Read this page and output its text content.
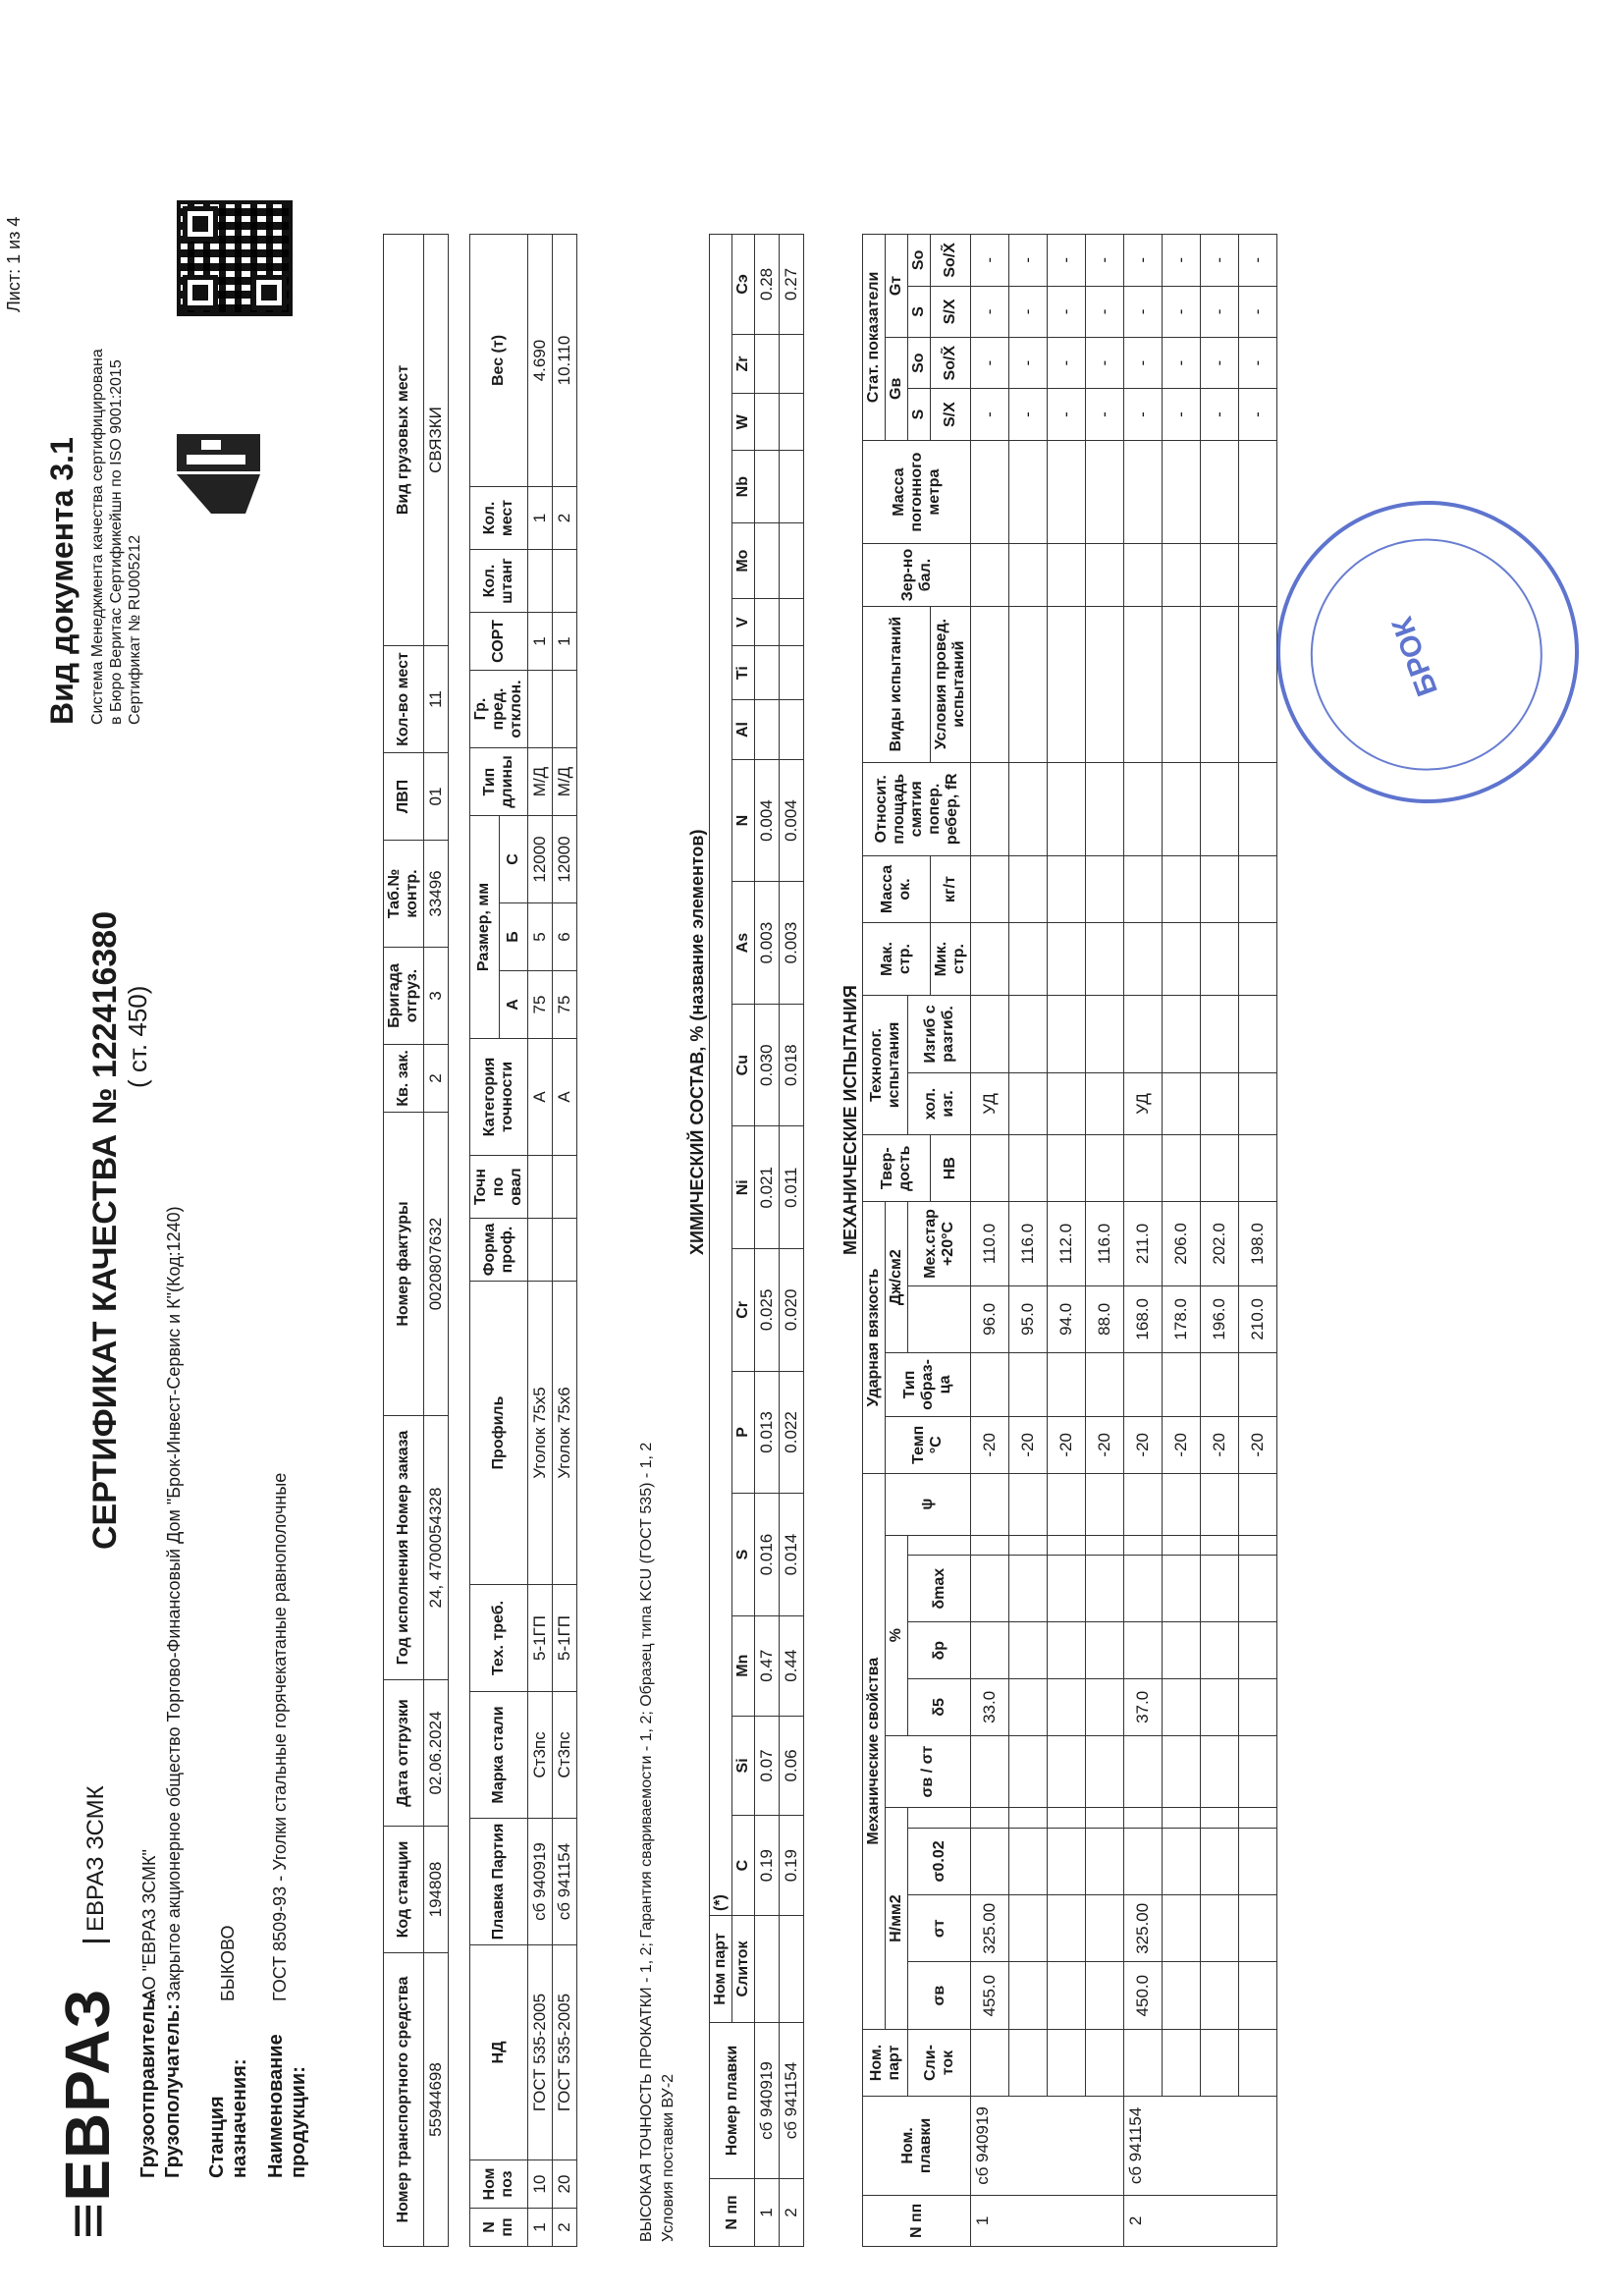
≡ЕВРАЗ
ЕВРАЗ ЗСМК
СЕРТИФИКАТ КАЧЕСТВА № 122416380 ( ст. 450)
Вид документа 3.1 Система Менеджмента качества сертифицирована в Бюро Веритас Сертификейшн по ISO 9001:2015 Сертификат № RU005212
Лист: 1 из 4
Грузоотправитель:
АО "ЕВРАЗ ЗСМК"
Грузополучатель:
Закрытое акционерное общество Торгово-Финансовый Дом "Брок-Инвест-Сервис и К"(Код:1240)
Станция назначения:
БЫКОВО
Наименование продукции:
ГОСТ 8509-93 - Уголки стальные горячекатаные равнополочные
Номер транспортного средства	Код станции	Дата отгрузки	Год исполнения Номер заказа	Номер фактуры	Кв. зак.	Бригада отгруз.	Таб.№ контр.	ЛВП	Кол-во мест	Вид грузовых мест
55944698	194808	02.06.2024	24, 4700054328	0020807632	2	3	33496	01	11	СВЯЗКИ
N пп	Ном поз	НД	Плавка Партия	Марка стали	Тех. треб.	Профиль	Форма проф.	Точн по овал	Категория точности	Размер, мм			Тип длины	Гр. пред. отклон.	СОРТ	Кол. штанг	Кол. мест	Вес (т)
										А	Б	С						
1	10	ГОСТ 535-2005	сб 940919	Ст3пс	5-1ГП	Уголок 75х5			А	75	5	12000	М/Д		1		1	4.690
2	20	ГОСТ 535-2005	сб 941154	Ст3пс	5-1ГП	Уголок 75х6			А	75	6	12000	М/Д		1		2	10.110
ВЫСОКАЯ ТОЧНОСТЬ ПРОКАТКИ - 1, 2; Гарантия свариваемости - 1, 2; Образец типа KCU (ГОСТ 535) - 1, 2 Условия поставки ВУ-2
ХИМИЧЕСКИЙ СОСТАВ, % (название элементов)
N пп	Номер плавки	Ном парт	(*)																	
		Слиток	C	Si	Mn	S	P	Cr	Ni	Cu	As	N	Al	Ti	V	Mo	Nb	W	Zr	Сэ
1	сб 940919		0.19	0.07	0.47	0.016	0.013	0.025	0.021	0.030	0.003	0.004								0.28
2	сб 941154		0.19	0.06	0.44	0.014	0.022	0.020	0.011	0.018	0.003	0.004								0.27
МЕХАНИЧЕСКИЕ ИСПЫТАНИЯ
N пп	Ном. плавки	Ном. парт	Механические свойства										Ударная вязкость				Твер-дость	Технолог. испытания		Мак. стр.	Масса ок.	Относит. площадь смятия попер. ребер, fR	Виды испытаний	Зер-но бал.	Масса погонного метра	Стат. показатели			
			Н/мм2				σв / σт	%				ψ	Темп °С	Тип образ-ца	Дж/см2											Gв		Gт	
		Сли-ток	σв	σт	σ0.02			δ5	δр	δmax						Мех.стар +20°С		хол. изг.	Изгиб с разгиб.							S	So	S	So
																	НВ			Мик. стр.	кг/т		Условия провед. испытаний			S/X	So/X̃	S/X	So/X̃
1	сб 940919		455.0	325.00				33.0					-20		96.0	110.0		УД								-	-	-	-
													-20		95.0	116.0										-	-	-	-
													-20		94.0	112.0										-	-	-	-
													-20		88.0	116.0										-	-	-	-
2	сб 941154		450.0	325.00				37.0					-20		168.0	211.0		УД								-	-	-	-
													-20		178.0	206.0										-	-	-	-
													-20		196.0	202.0										-	-	-	-
													-20		210.0	198.0										-	-	-	-
БРОК
